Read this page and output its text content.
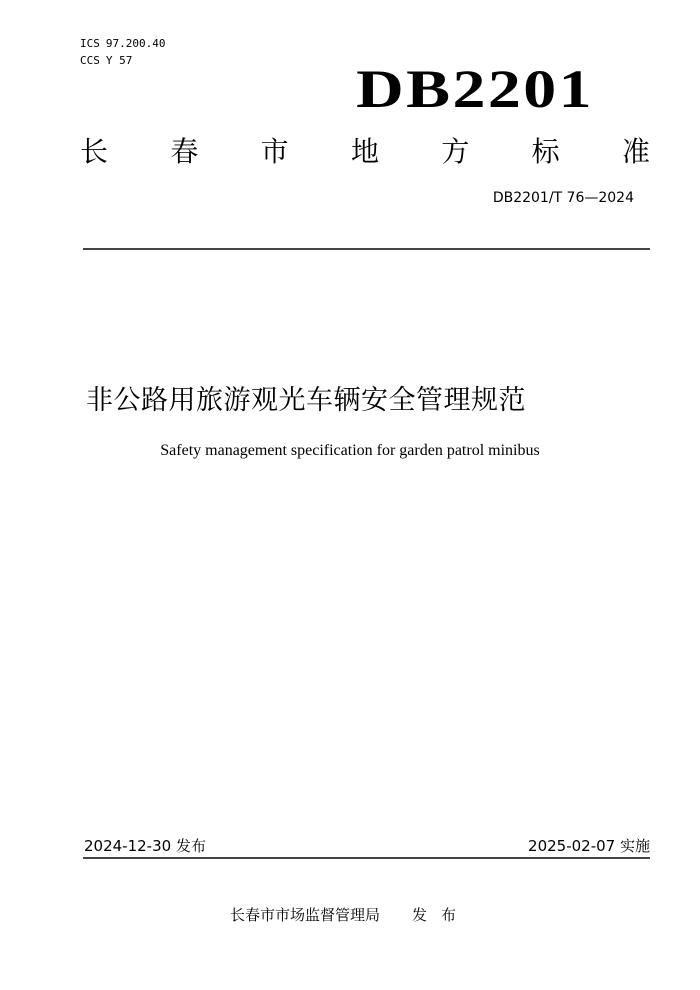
ICS 97.200.40
CCS Y 57	DB2201
长 春 市 地 方 标 准
DB2201/T 76—2024
非公路用旅游观光车辆安全管理规范
Safety management specification for garden patrol minibus
2024-12-30 发布	2025-02-07 实施
长春市市场监督管理局 发布
